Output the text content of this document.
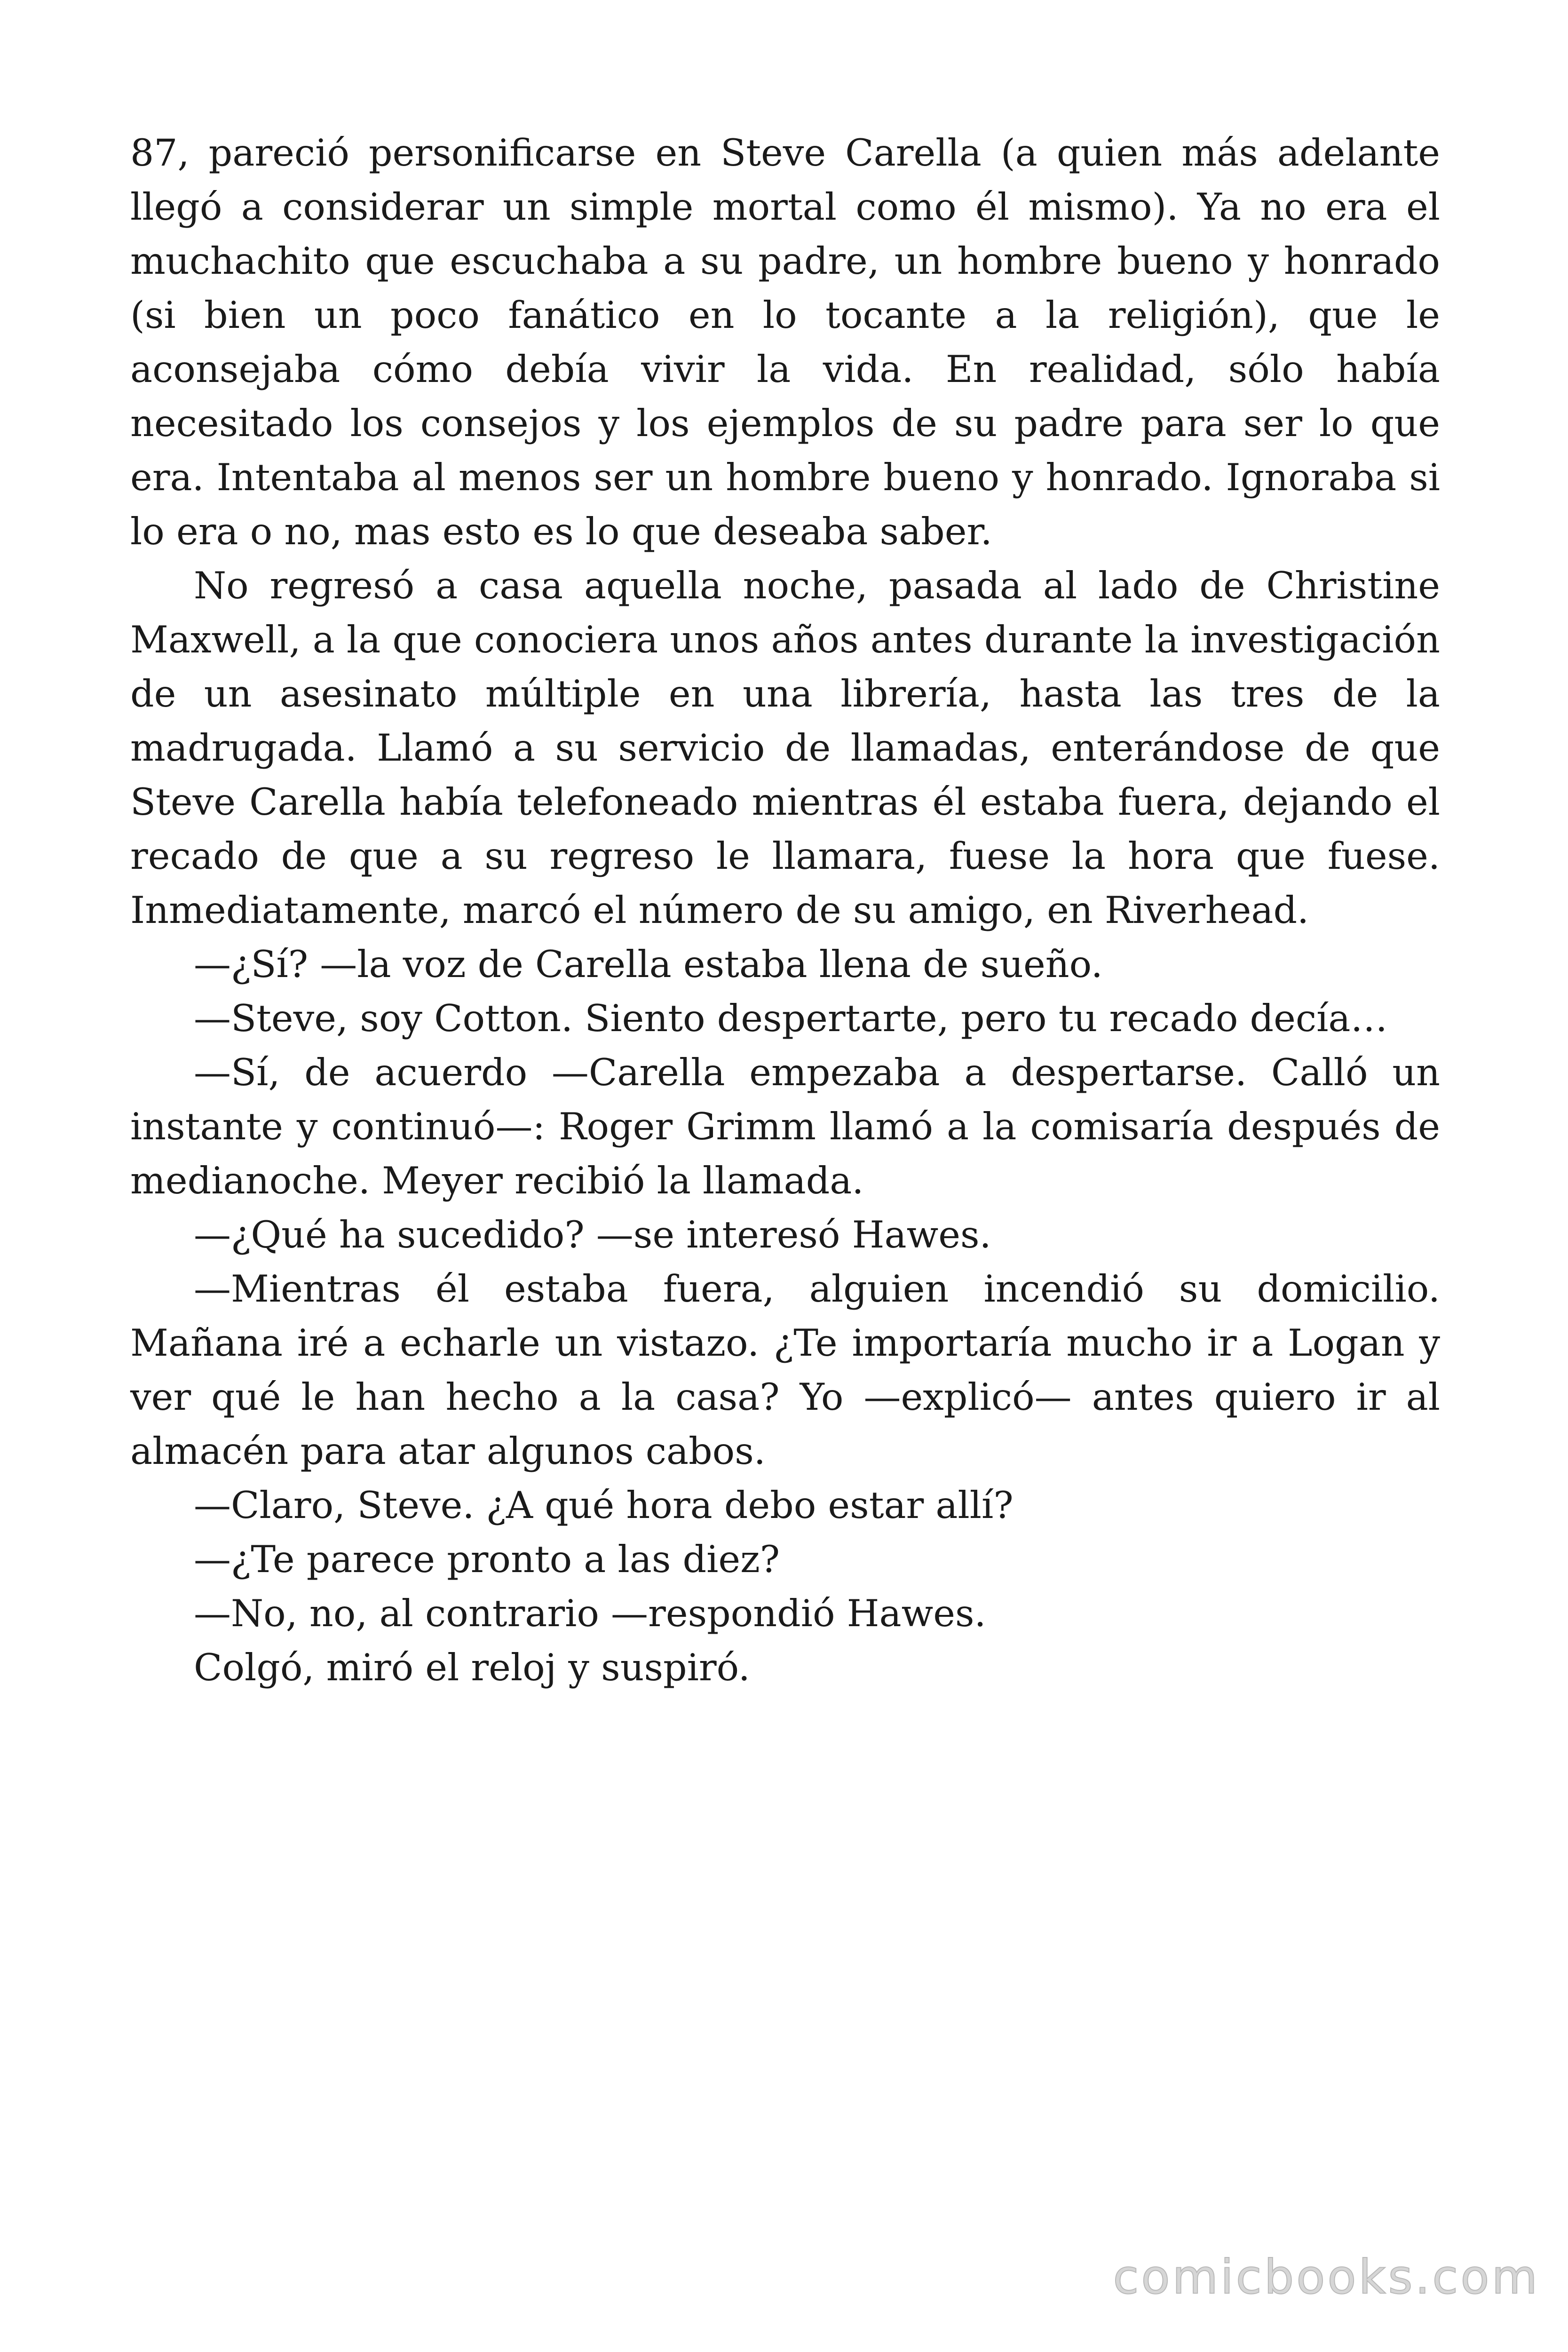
87, pareció personificarse en Steve Carella (a quien más adelante llegó a considerar un simple mortal como él mismo). Ya no era el muchachito que escuchaba a su padre, un hombre bueno y honrado (si bien un poco fanático en lo tocante a la religión), que le aconsejaba cómo debía vivir la vida. En realidad, sólo había necesitado los consejos y los ejemplos de su padre para ser lo que era. Intentaba al menos ser un hombre bueno y honrado. Ignoraba si lo era o no, mas esto es lo que deseaba saber.

No regresó a casa aquella noche, pasada al lado de Christine Maxwell, a la que conociera unos años antes durante la investigación de un asesinato múltiple en una librería, hasta las tres de la madrugada. Llamó a su servicio de llamadas, enterándose de que Steve Carella había telefoneado mientras él estaba fuera, dejando el recado de que a su regreso le llamara, fuese la hora que fuese. Inmediatamente, marcó el número de su amigo, en Riverhead.

—¿Sí? —la voz de Carella estaba llena de sueño.

—Steve, soy Cotton. Siento despertarte, pero tu recado decía…

—Sí, de acuerdo —Carella empezaba a despertarse. Calló un instante y continuó—: Roger Grimm llamó a la comisaría después de medianoche. Meyer recibió la llamada.

—¿Qué ha sucedido? —se interesó Hawes.

—Mientras él estaba fuera, alguien incendió su domicilio. Mañana iré a echarle un vistazo. ¿Te importaría mucho ir a Logan y ver qué le han hecho a la casa? Yo —explicó— antes quiero ir al almacén para atar algunos cabos.

—Claro, Steve. ¿A qué hora debo estar allí?

—¿Te parece pronto a las diez?

—No, no, al contrario —respondió Hawes.

Colgó, miró el reloj y suspiró.

comicbooks.com
